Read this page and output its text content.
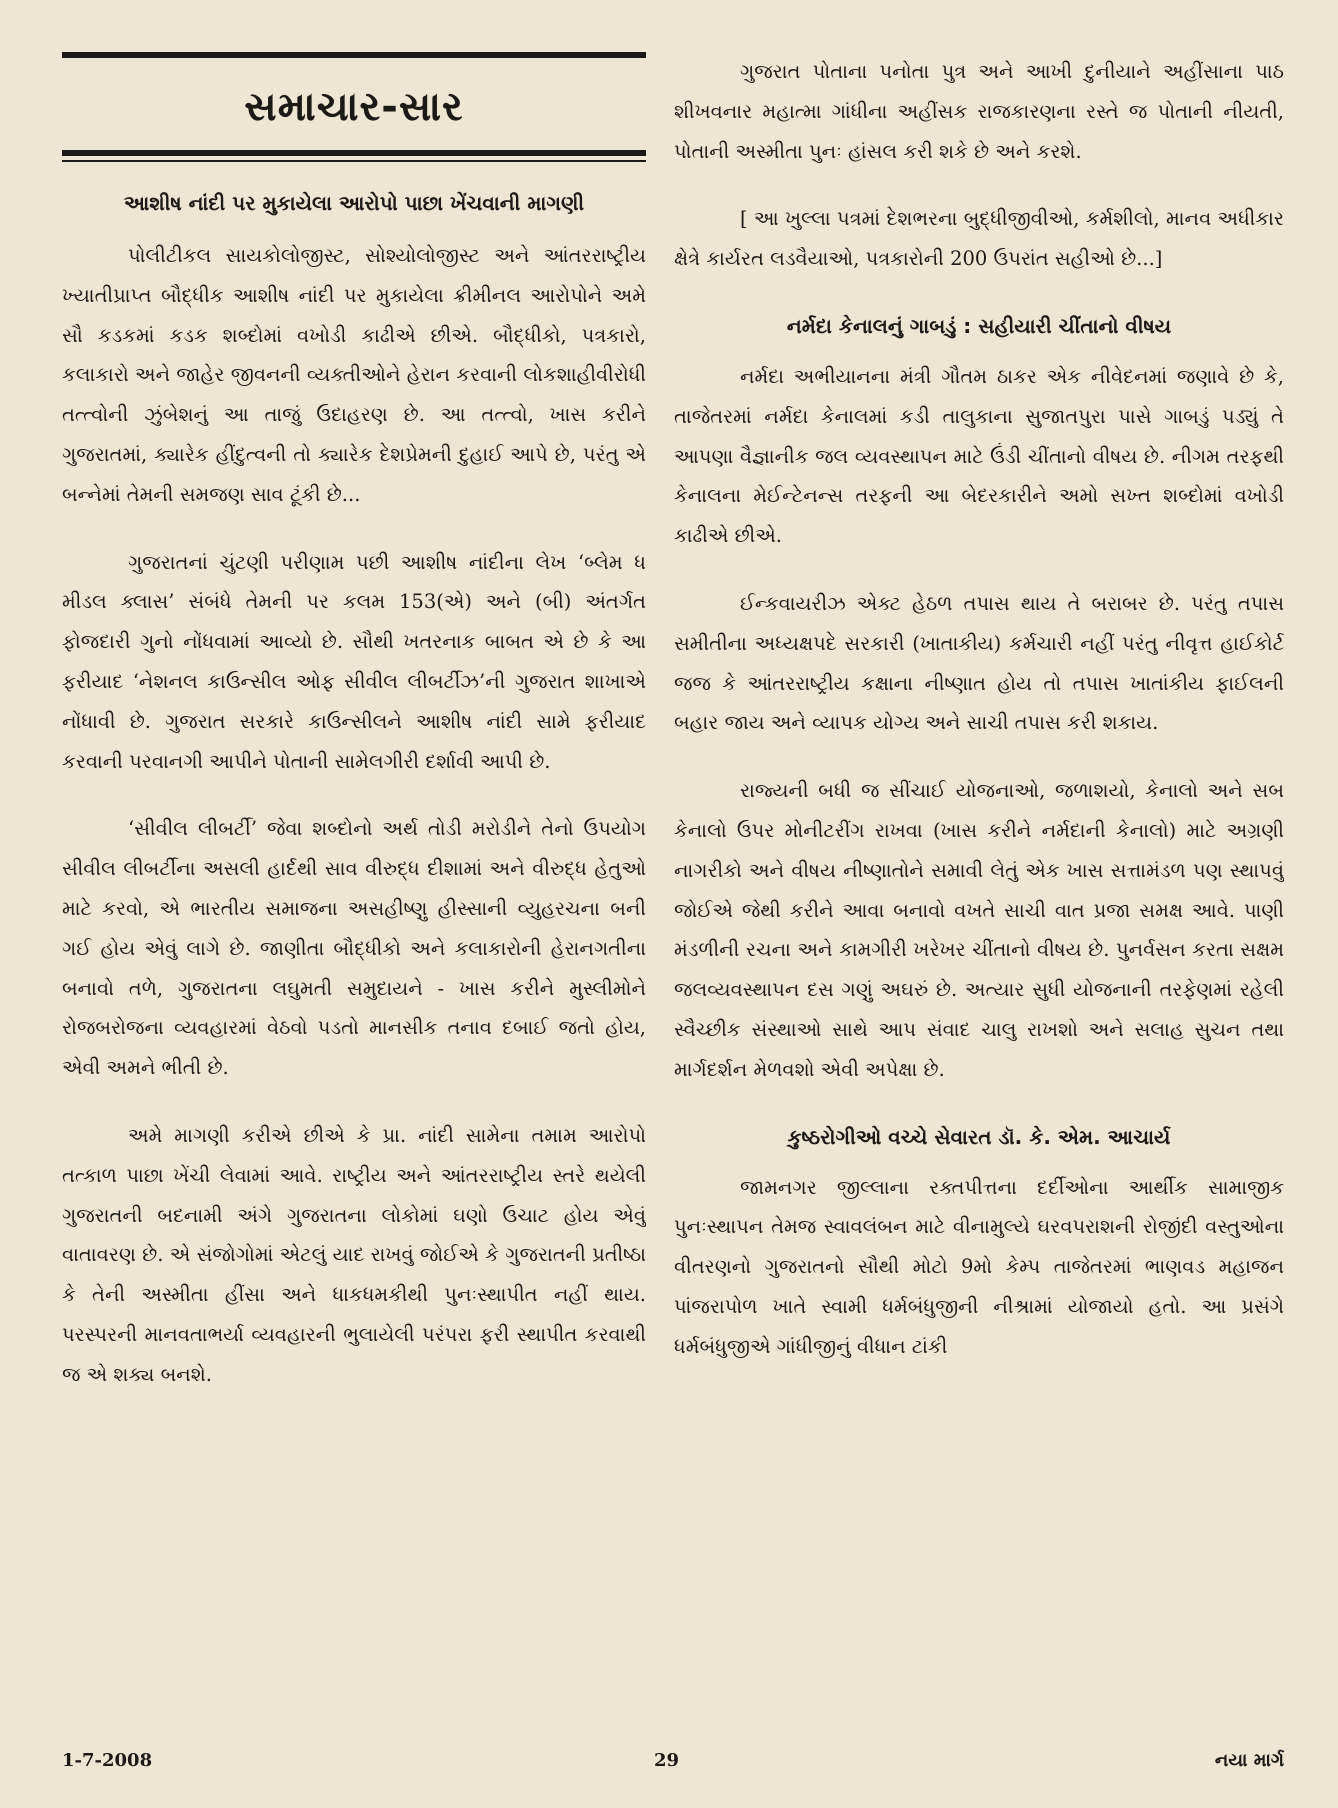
સમાચાર-સાર
આશીષ નાંદી પર મુકાયેલા આરોપો પાછા ખેંચવાની માગણી

પોલીટીકલ સાયકોલોજીસ્ટ, સોશ્યોલોજીસ્ટ અને આંતરરાષ્ટ્રીય ખ્યાતીપ્રાપ્ત બૌદ્ધીક આશીષ નાંદી પર મુકાયેલા ક્રીમીનલ આરોપોને અમે સૌ કડકમાં કડક શબ્દોમાં વખોડી કાઢીએ છીએ. બૌદ્ધીકો, પત્રકારો, કલાકારો અને જાહેર જીવનની વ્યક્તીઓને હેરાન કરવાની લોકશાહીવીરોધી તત્ત્વોની ઝુંબેશનું આ તાજું ઉદાહરણ છે. આ તત્ત્વો, ખાસ કરીને ગુજરાતમાં, ક્યારેક હીંદુત્વની તો ક્યારેક દેશપ્રેમની દુહાઈ આપે છે, પરંતુ એ બન્નેમાં તેમની સમજણ સાવ ટૂંકી છે...

ગુજરાતનાં ચુંટણી પરીણામ પછી આશીષ નાંદીના લેખ ‘બ્લેમ ધ મીડલ ક્લાસ’ સંબંધે તેમની પર કલમ 153(એ) અને (બી) અંતર્ગત ફોજદારી ગુનો નોંધવામાં આવ્યો છે. સૌથી ખતરનાક બાબત એ છે કે આ ફરીયાદ ‘નેશનલ કાઉન્સીલ ઓફ સીવીલ લીબર્ટીઝ’ની ગુજરાત શાખાએ નોંધાવી છે. ગુજરાત સરકારે કાઉન્સીલને આશીષ નાંદી સામે ફરીયાદ કરવાની પરવાનગી આપીને પોતાની સામેલગીરી દર્શાવી આપી છે.

‘સીવીલ લીબર્ટી’ જેવા શબ્દોનો અર્થ તોડી મરોડીને તેનો ઉપયોગ સીવીલ લીબર્ટીના અસલી હાર્દથી સાવ વીરુદ્ધ દીશામાં અને વીરુદ્ધ હેતુઓ માટે કરવો, એ ભારતીય સમાજના અસહીષ્ણુ હીસ્સાની વ્યુહરચના બની ગઈ હોય એવું લાગે છે. જાણીતા બૌદ્ધીકો અને કલાકારોની હેરાનગતીના બનાવો તળે, ગુજરાતના લઘુમતી સમુદાયને - ખાસ કરીને મુસ્લીમોને રોજબરોજના વ્યવહારમાં વેઠવો પડતો માનસીક તનાવ દબાઈ જતો હોય, એવી અમને ભીતી છે.

અમે માગણી કરીએ છીએ કે પ્રા. નાંદી સામેના તમામ આરોપો તત્કાળ પાછા ખેંચી લેવામાં આવે. રાષ્ટ્રીય અને આંતરરાષ્ટ્રીય સ્તરે થયેલી ગુજરાતની બદનામી અંગે ગુજરાતના લોકોમાં ઘણો ઉચાટ હોય એવું વાતાવરણ છે. એ સંજોગોમાં એટલું યાદ રાખવું જોઈએ કે ગુજરાતની પ્રતીષ્ઠા કે તેની અસ્મીતા હીંસા અને ધાકધમકીથી પુનઃસ્થાપીત નહીં થાય. પરસ્પરની માનવતાભર્યા વ્યવહારની ભુલાયેલી પરંપરા ફરી સ્થાપીત કરવાથી જ એ શક્ય બનશે.

ગુજરાત પોતાના પનોતા પુત્ર અને આખી દુનીયાને અહીંસાના પાઠ શીખવનાર મહાત્મા ગાંધીના અહીંસક રાજકારણના રસ્તે જ પોતાની નીયતી, પોતાની અસ્મીતા પુનઃ હાંસલ કરી શકે છે અને કરશે.

[ આ ખુલ્લા પત્રમાં દેશભરના બુદ્ધીજીવીઓ, કર્મશીલો, માનવ અધીકાર ક્ષેત્રે કાર્યરત લડવૈયાઓ, પત્રકારોની 200 ઉપરાંત સહીઓ છે...]

નર્મદા કેનાલનું ગાબડું : સહીયારી ચીંતાનો વીષય

નર્મદા અભીયાનના મંત્રી ગૌતમ ઠાકર એક નીવેદનમાં જણાવે છે કે, તાજેતરમાં નર્મદા કેનાલમાં કડી તાલુકાના સુજાતપુરા પાસે ગાબડું પડ્યું તે આપણા વૈજ્ઞાનીક જલ વ્યવસ્થાપન માટે ઉંડી ચીંતાનો વીષય છે. નીગમ તરફથી કેનાલના મેઈન્ટેનન્સ તરફની આ બેદરકારીને અમો સખ્ત શબ્દોમાં વખોડી કાઢીએ છીએ.

ઈન્કવાયરીઝ એક્ટ હેઠળ તપાસ થાય તે બરાબર છે. પરંતુ તપાસ સમીતીના અધ્યક્ષપદે સરકારી (ખાતાકીય) કર્મચારી નહીં પરંતુ નીવૃત્ત હાઈકોર્ટ જજ કે આંતરરાષ્ટ્રીય કક્ષાના નીષ્ણાત હોય તો તપાસ ખાતાંકીય ફાઈલની બહાર જાય અને વ્યાપક યોગ્ય અને સાચી તપાસ કરી શકાય.

રાજ્યની બધી જ સીંચાઈ યોજનાઓ, જળાશયો, કેનાલો અને સબ કેનાલો ઉપર મોનીટરીંગ રાખવા (ખાસ કરીને નર્મદાની કેનાલો) માટે અગ્રણી નાગરીકો અને વીષય નીષ્ણાતોને સમાવી લેતું એક ખાસ સત્તામંડળ પણ સ્થાપવું જોઈએ જેથી કરીને આવા બનાવો વખતે સાચી વાત પ્રજા સમક્ષ આવે. પાણી મંડળીની રચના અને કામગીરી ખરેખર ચીંતાનો વીષય છે. પુનર્વસન કરતા સક્ષમ જલવ્યવસ્થાપન દસ ગણું અઘરું છે. અત્યાર સુધી યોજનાની તરફેણમાં રહેલી સ્વૈચ્છીક સંસ્થાઓ સાથે આપ સંવાદ ચાલુ રાખશો અને સલાહ સુચન તથા માર્ગદર્શન મેળવશો એવી અપેક્ષા છે.

કુષ્ઠરોગીઓ વચ્ચે સેવારત ડૉ. કે. એમ. આચાર્ય

જામનગર જીલ્લાના રક્તપીત્તના દર્દીઓના આર્થીક સામાજીક પુનઃસ્થાપન તેમજ સ્વાવલંબન માટે વીનામુલ્યે ઘરવપરાશની રોજીંદી વસ્તુઓના વીતરણનો ગુજરાતનો સૌથી મોટો 9મો કેમ્પ તાજેતરમાં ભાણવડ મહાજન પાંજરાપોળ ખાતે સ્વામી ધર્મબંધુજીની નીશ્રામાં યોજાયો હતો. આ પ્રસંગે ધર્મબંધુજીએ ગાંધીજીનું વીધાન ટાંકી

1-7-2008	29	નયા માર્ગ
